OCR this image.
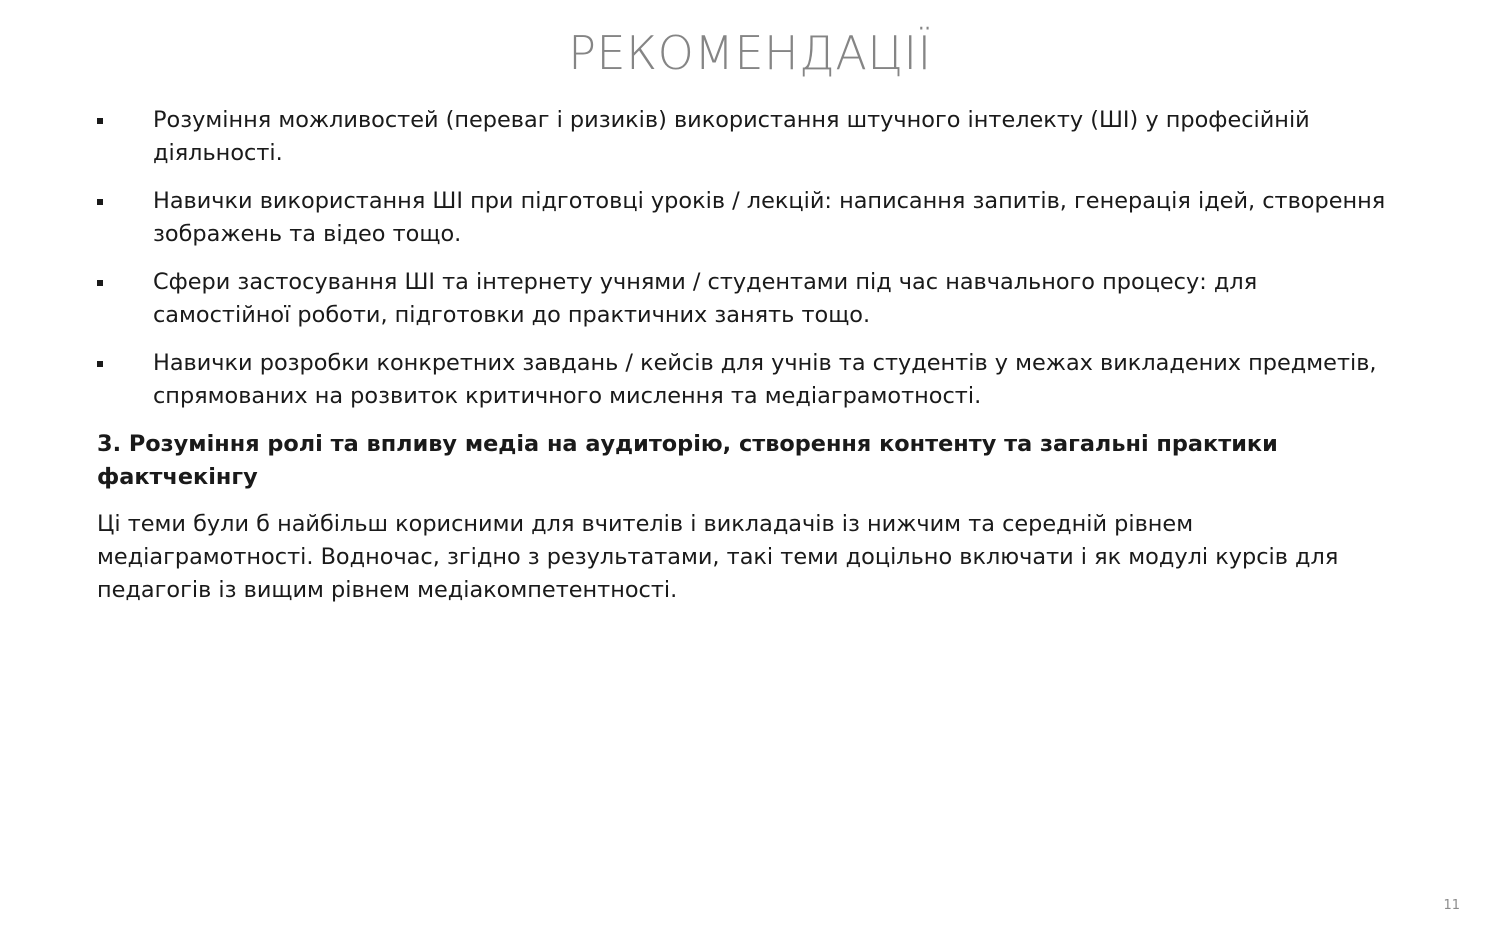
РЕКОМЕНДАЦІЇ
Розуміння можливостей (переваг і ризиків) використання штучного інтелекту (ШІ) у професійній діяльності.
Навички використання ШІ при підготовці уроків / лекцій: написання запитів, генерація ідей, створення зображень та відео тощо.
Сфери застосування ШІ та інтернету учнями / студентами під час навчального процесу: для самостійної роботи, підготовки до практичних занять тощо.
Навички розробки конкретних завдань / кейсів для учнів та студентів у межах викладених предметів, спрямованих на розвиток критичного мислення та медіаграмотності.

3. Розуміння ролі та впливу медіа на аудиторію, створення контенту та загальні практики фактчекінгу

Ці теми були б найбільш корисними для вчителів і викладачів із нижчим та середній рівнем медіаграмотності. Водночас, згідно з результатами, такі теми доцільно включати і як модулі курсів для педагогів із вищим рівнем медіакомпетентності.

11
